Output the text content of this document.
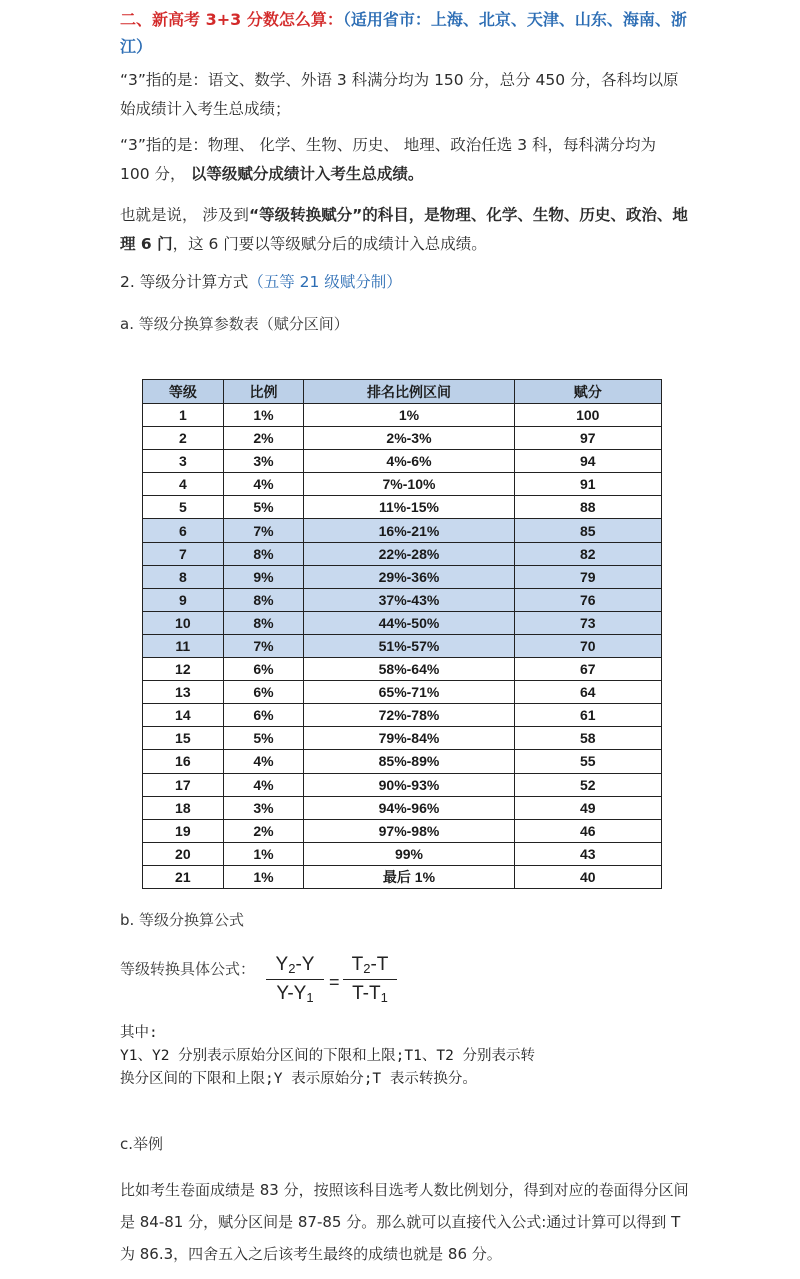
二、新高考 3+3 分数怎么算：（适用省市：上海、北京、天津、山东、海南、浙江）
“3”指的是：语文、数学、外语 3 科满分均为 150 分，总分 450 分，各科均以原始成绩计入考生总成绩；
“3”指的是：物理、 化学、生物、历史、 地理、政治任选 3 科，每科满分均为 100 分， 以等级赋分成绩计入考生总成绩。
也就是说， 涉及到“等级转换赋分”的科目，是物理、化学、生物、历史、政治、地理 6 门，这 6 门要以等级赋分后的成绩计入总成绩。
2. 等级分计算方式（五等 21 级赋分制）
a. 等级分换算参数表（赋分区间）
等级	比例	排名比例区间	赋分
1	1%	1%	100
2	2%	2%-3%	97
3	3%	4%-6%	94
4	4%	7%-10%	91
5	5%	11%-15%	88
6	7%	16%-21%	85
7	8%	22%-28%	82
8	9%	29%-36%	79
9	8%	37%-43%	76
10	8%	44%-50%	73
11	7%	51%-57%	70
12	6%	58%-64%	67
13	6%	65%-71%	64
14	6%	72%-78%	61
15	5%	79%-84%	58
16	4%	85%-89%	55
17	4%	90%-93%	52
18	3%	94%-96%	49
19	2%	97%-98%	46
20	1%	99%	43
21	1%	最后 1%	40
b. 等级分换算公式
等级转换具体公式：	$Y_2-Y$
$Y-Y_1$
=
$T_2-T$
$T-T_1$
其中:
Y1、Y2 分别表示原始分区间的下限和上限;T1、T2 分别表示转
换分区间的下限和上限;Y 表示原始分;T 表示转换分。
c.举例
比如考生卷面成绩是 83 分，按照该科目选考人数比例划分，得到对应的卷面得分区间是 84-81 分，赋分区间是 87-85 分。那么就可以直接代入公式:通过计算可以得到 T 为 86.3，四舍五入之后该考生最终的成绩也就是 86 分。
